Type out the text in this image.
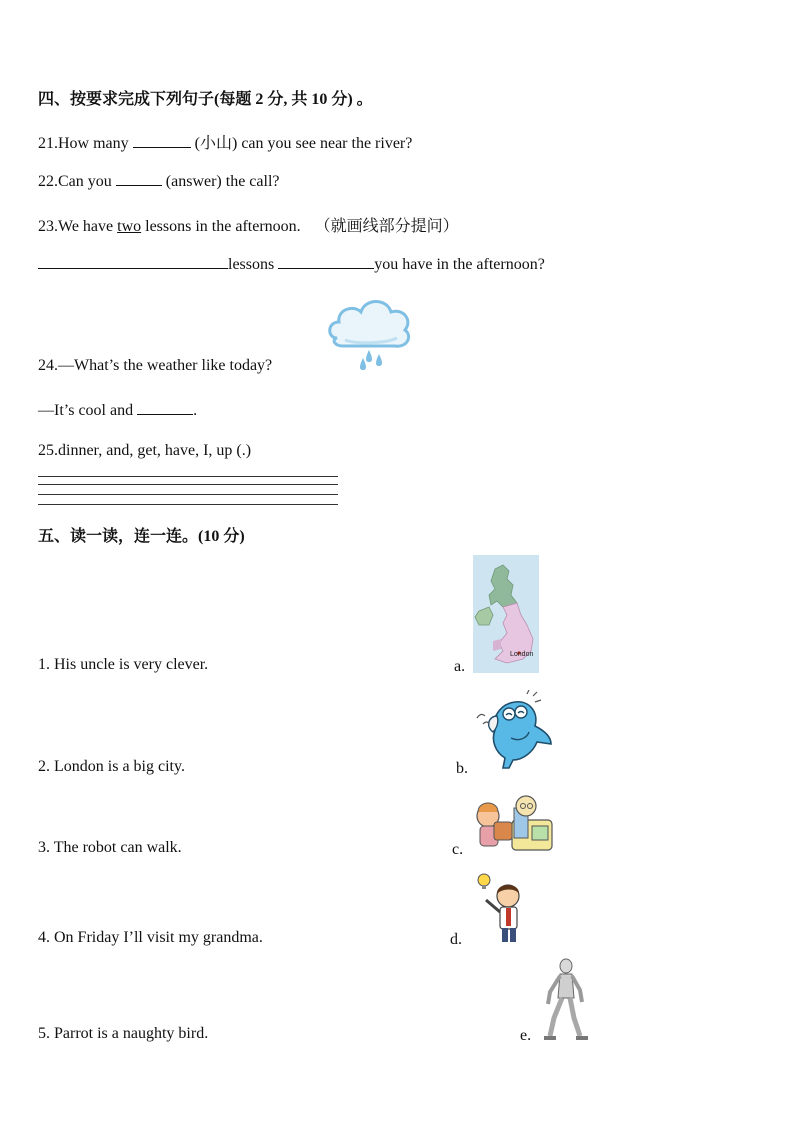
四、按要求完成下列句子(每题 2 分, 共 10 分) 。
21.How many	(小山) can you see near the river?
22.Can you	(answer) the call?
23.We have two lessons in the afternoon. （就画线部分提问）
lessons	you have in the afternoon?
24.—What’s the weather like today?
—It’s cool and	.
25.dinner, and, get, have, I, up (.)
五、读一读，连一连。(10 分)
1. His uncle is very clever.	a.
2. London is a big city.	b.
3. The robot can walk.	c.
4. On Friday I’ll visit my grandma.	d.
5. Parrot is a naughty bird.	e.
London
